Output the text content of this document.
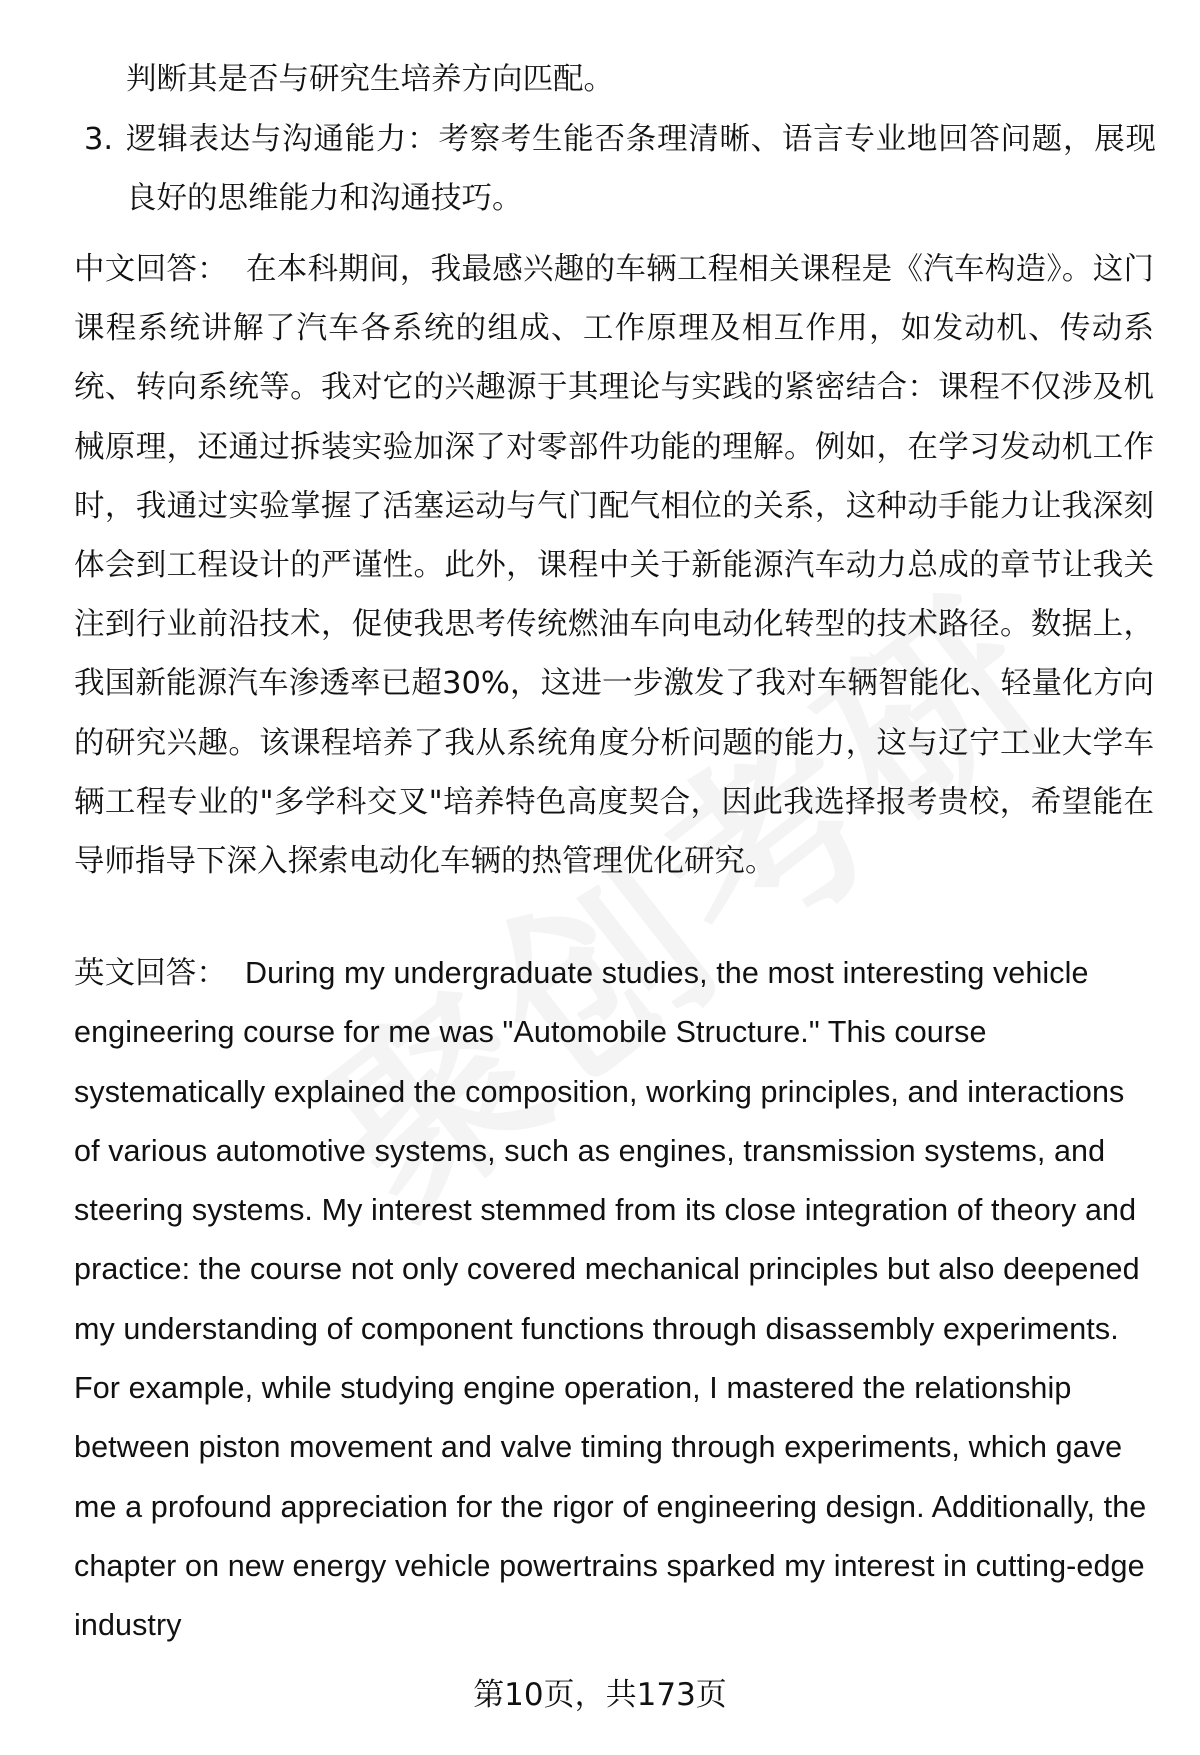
判断其是否与研究生培养方向匹配。

3. 逻辑表达与沟通能力：考察考生能否条理清晰、语言专业地回答问题，展现良好的思维能力和沟通技巧。

中文回答： 在本科期间，我最感兴趣的车辆工程相关课程是《汽车构造》。这门课程系统讲解了汽车各系统的组成、工作原理及相互作用，如发动机、传动系统、转向系统等。我对它的兴趣源于其理论与实践的紧密结合：课程不仅涉及机械原理，还通过拆装实验加深了对零部件功能的理解。例如，在学习发动机工作时，我通过实验掌握了活塞运动与气门配气相位的关系，这种动手能力让我深刻体会到工程设计的严谨性。此外，课程中关于新能源汽车动力总成的章节让我关注到行业前沿技术，促使我思考传统燃油车向电动化转型的技术路径。数据上，我国新能源汽车渗透率已超30%，这进一步激发了我对车辆智能化、轻量化方向的研究兴趣。该课程培养了我从系统角度分析问题的能力，这与辽宁工业大学车辆工程专业的"多学科交叉"培养特色高度契合，因此我选择报考贵校，希望能在导师指导下深入探索电动化车辆的热管理优化研究。

英文回答： During my undergraduate studies, the most interesting vehicle engineering course for me was "Automobile Structure." This course systematically explained the composition, working principles, and interactions of various automotive systems, such as engines, transmission systems, and steering systems. My interest stemmed from its close integration of theory and practice: the course not only covered mechanical principles but also deepened my understanding of component functions through disassembly experiments. For example, while studying engine operation, I mastered the relationship between piston movement and valve timing through experiments, which gave me a profound appreciation for the rigor of engineering design. Additionally, the chapter on new energy vehicle powertrains sparked my interest in cutting-edge industry

第10页，共173页
